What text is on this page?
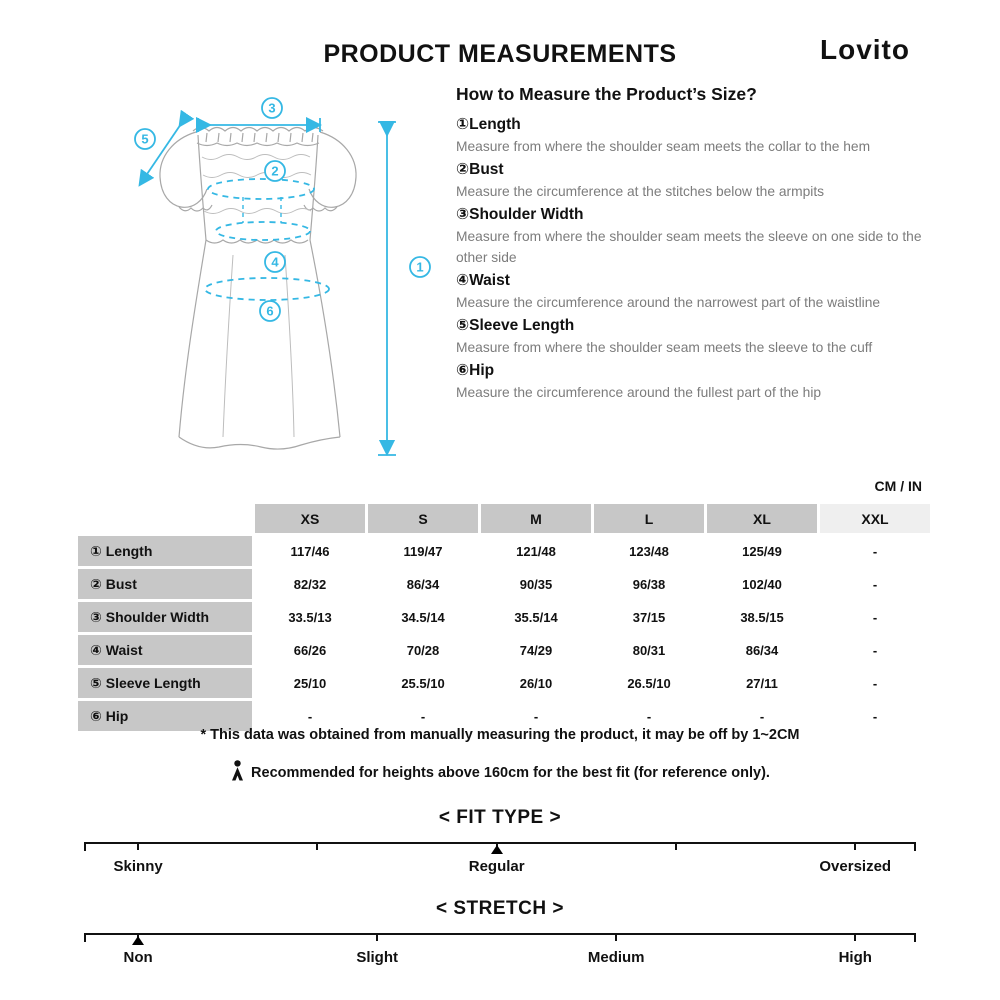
PRODUCT MEASUREMENTS	Lovito
1
2
3
4
5
6
How to Measure the Product’s Size?
①Length
Measure from where the shoulder seam meets the collar to the hem
②Bust
Measure the circumference at the stitches below the armpits
③Shoulder Width
Measure from where the shoulder seam meets the sleeve on one side to the other side
④Waist
Measure the circumference around the narrowest part of the waistline
⑤Sleeve Length
Measure from where the shoulder seam meets the sleeve to the cuff
⑥Hip
Measure the circumference around the fullest part of the hip
CM / IN
	XS	S	M	L	XL	XXL
① Length	117/46	119/47	121/48	123/48	125/49	-
② Bust	82/32	86/34	90/35	96/38	102/40	-
③ Shoulder Width	33.5/13	34.5/14	35.5/14	37/15	38.5/15	-
④ Waist	66/26	70/28	74/29	80/31	86/34	-
⑤ Sleeve Length	25/10	25.5/10	26/10	26.5/10	27/11	-
⑥ Hip	-	-	-	-	-	-
* This data was obtained from manually measuring the product, it may be off by 1~2CM
Recommended for heights above 160cm for the best fit (for reference only).
< FIT TYPE >
Skinny	Regular	Oversized
< STRETCH >
Non	Slight	Medium	High
